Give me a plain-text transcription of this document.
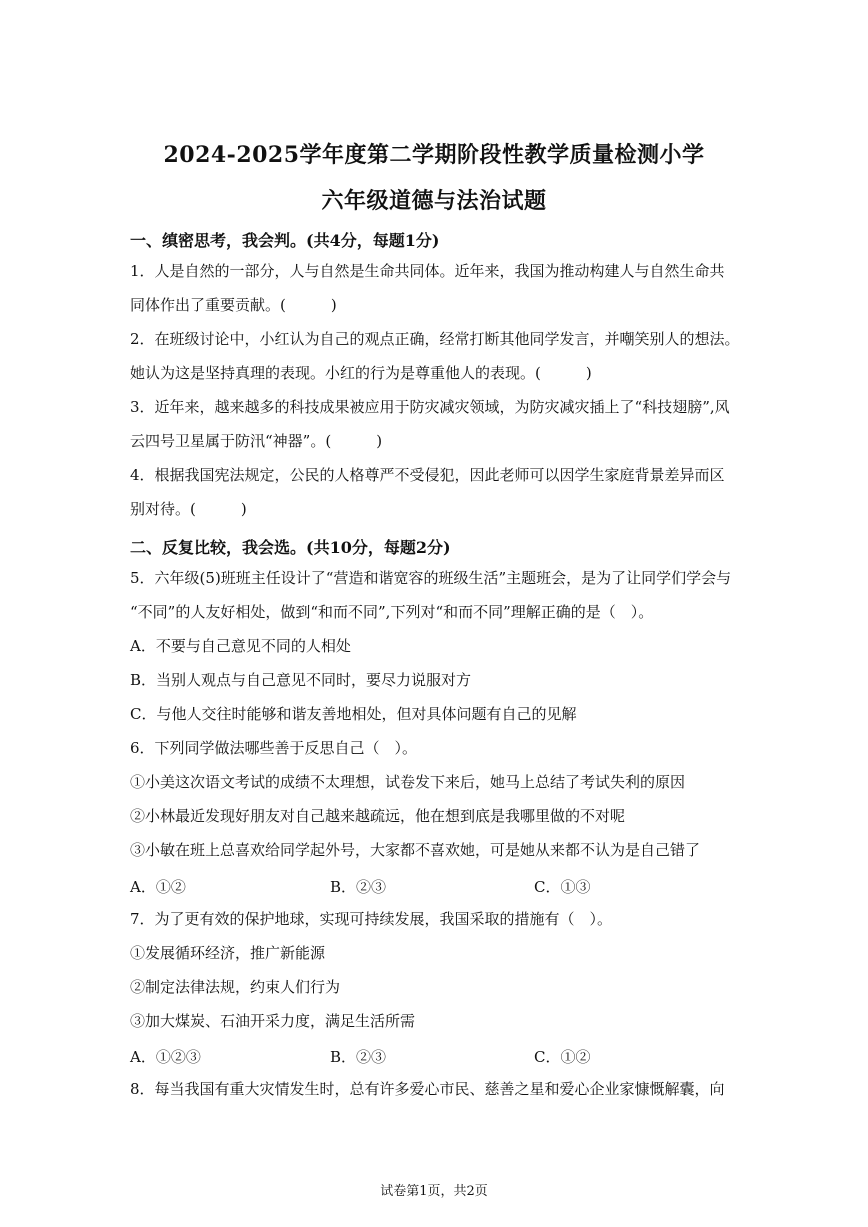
2024-2025学年度第二学期阶段性教学质量检测小学
六年级道德与法治试题
一、缜密思考，我会判。(共4分，每题1分)
1．人是自然的一部分，人与自然是生命共同体。近年来，我国为推动构建人与自然生命共
同体作出了重要贡献。(　　　)
2．在班级讨论中，小红认为自己的观点正确，经常打断其他同学发言，并嘲笑别人的想法。
她认为这是坚持真理的表现。小红的行为是尊重他人的表现。(　　　)
3．近年来，越来越多的科技成果被应用于防灾减灾领域，为防灾减灾插上了“科技翅膀”,风
云四号卫星属于防汛“神器”。(　　　)
4．根据我国宪法规定，公民的人格尊严不受侵犯，因此老师可以因学生家庭背景差异而区
别对待。(　　　)
二、反复比较，我会选。(共10分，每题2分)
5．六年级(5)班班主任设计了“营造和谐宽容的班级生活”主题班会，是为了让同学们学会与
“不同”的人友好相处，做到“和而不同”,下列对“和而不同”理解正确的是（　）。
A．不要与自己意见不同的人相处
B．当别人观点与自己意见不同时，要尽力说服对方
C．与他人交往时能够和谐友善地相处，但对具体问题有自己的见解
6．下列同学做法哪些善于反思自己（　）。
①小美这次语文考试的成绩不太理想，试卷发下来后，她马上总结了考试失利的原因
②小林最近发现好朋友对自己越来越疏远，他在想到底是我哪里做的不对呢
③小敏在班上总喜欢给同学起外号，大家都不喜欢她，可是她从来都不认为是自己错了
A．①②	B．②③	C．①③
7．为了更有效的保护地球，实现可持续发展，我国采取的措施有（　）。
①发展循环经济，推广新能源
②制定法律法规，约束人们行为
③加大煤炭、石油开采力度，满足生活所需
A．①②③	B．②③	C．①②
8．每当我国有重大灾情发生时，总有许多爱心市民、慈善之星和爱心企业家慷慨解囊，向
试卷第1页，共2页
